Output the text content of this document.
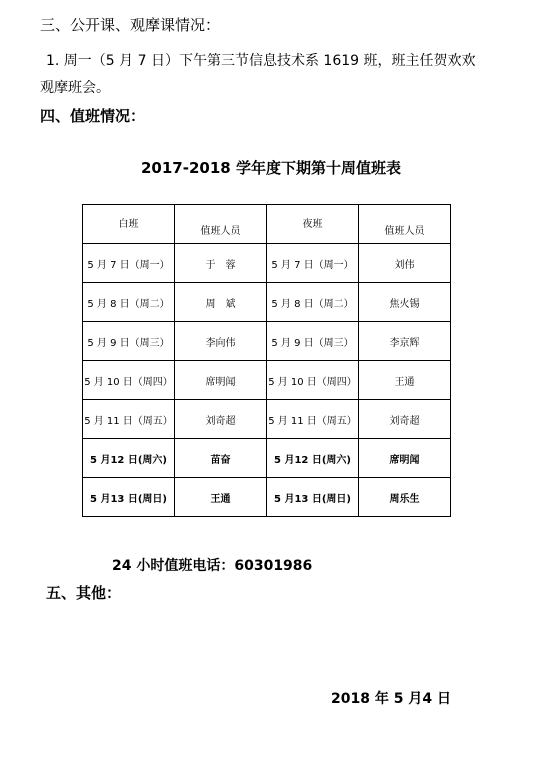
三、公开课、观摩课情况：
1. 周一（5 月 7 日）下午第三节信息技术系 1619 班，班主任贺欢欢
观摩班会。
四、值班情况：
2017-2018 学年度下期第十周值班表
白班	值班人员	夜班	值班人员
5 月 7 日（周一）	于　蓉	5 月 7 日（周一）	刘伟
5 月 8 日（周二）	周　斌	5 月 8 日（周二）	焦火锡
5 月 9 日（周三）	李向伟	5 月 9 日（周三）	李京辉
5 月 10 日（周四）	席明闻	5 月 10 日（周四）	王通
5 月 11 日（周五）	刘奇超	5 月 11 日（周五）	刘奇超
5 月12 日(周六)	苗奋	5 月12 日(周六)	席明闻
5 月13 日(周日)	王通	5 月13 日(周日)	周乐生
24 小时值班电话：60301986
五、其他：
2018 年 5 月4 日
